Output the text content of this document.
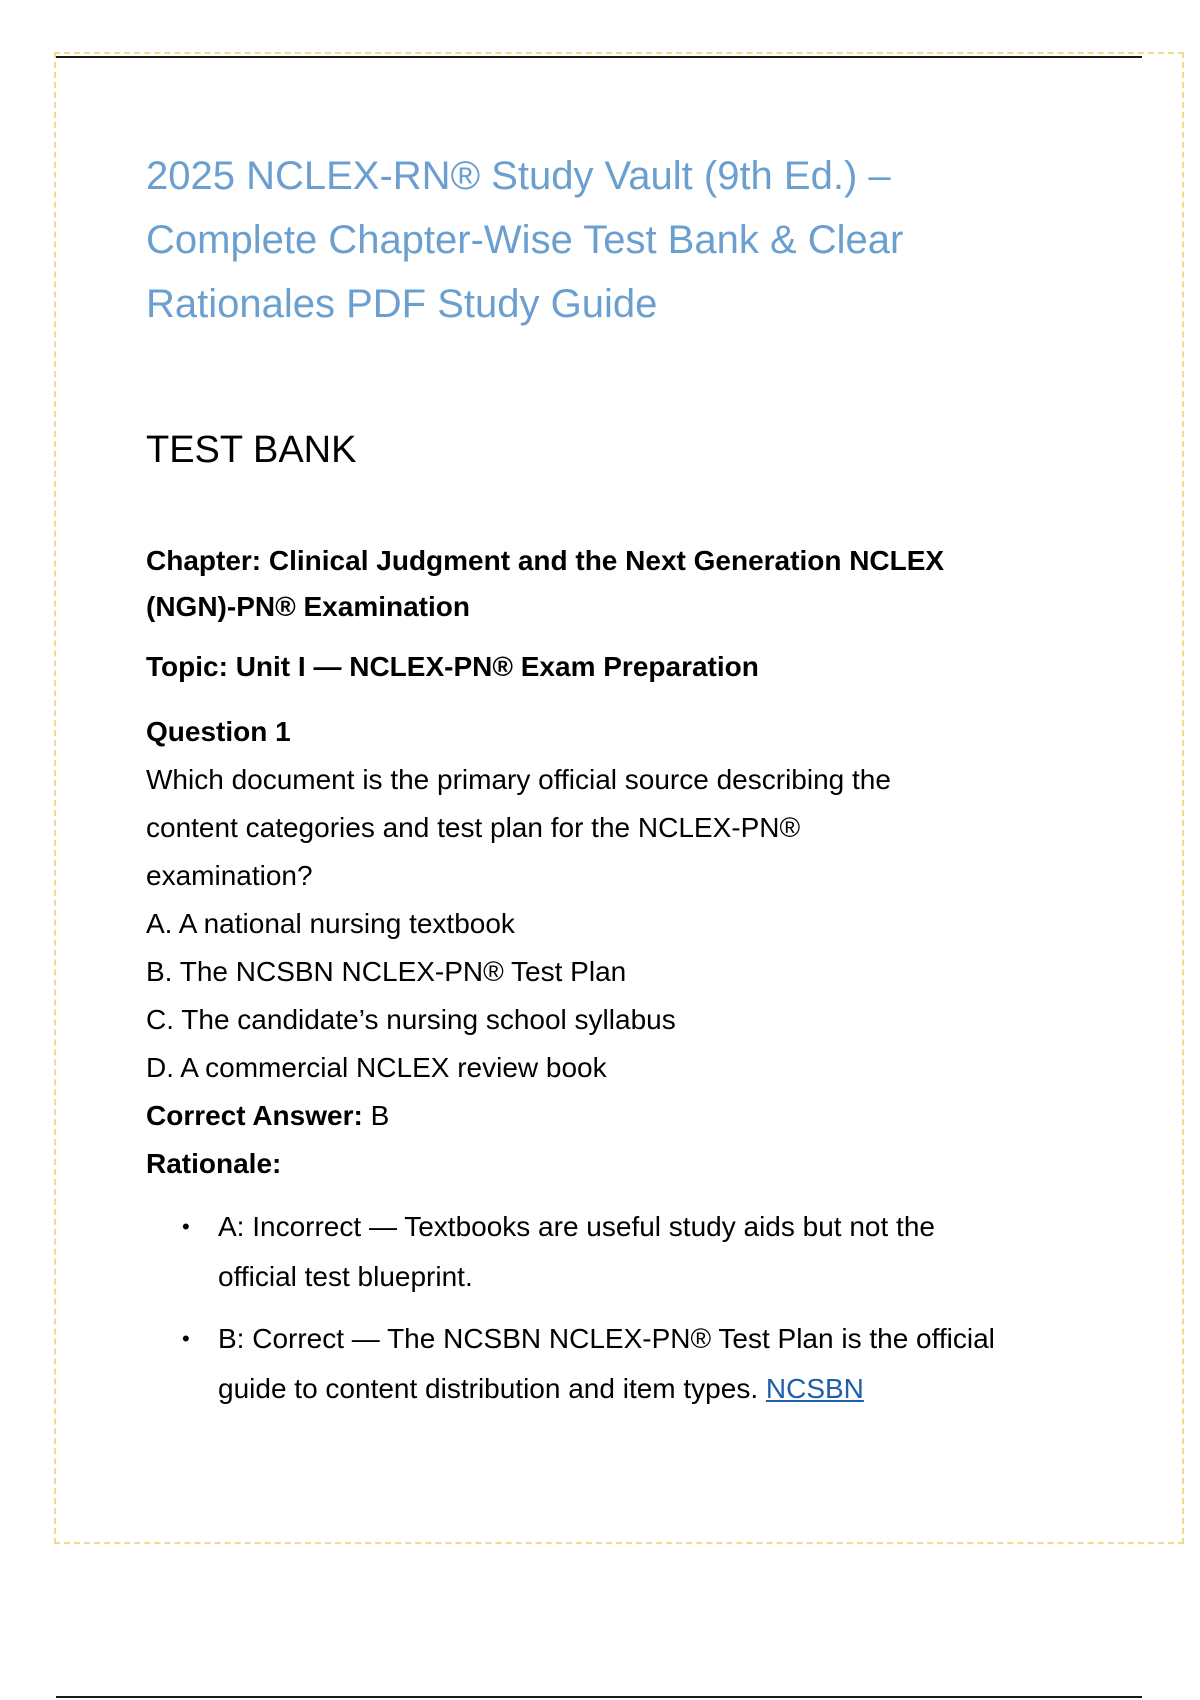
2025 NCLEX-RN® Study Vault (9th Ed.) –
Complete Chapter-Wise Test Bank & Clear
Rationales PDF Study Guide
TEST BANK

Chapter: Clinical Judgment and the Next Generation NCLEX
(NGN)-PN® Examination

Topic: Unit I — NCLEX-PN® Exam Preparation

Question 1
Which document is the primary official source describing the
content categories and test plan for the NCLEX-PN®
examination?
A. A national nursing textbook
B. The NCSBN NCLEX-PN® Test Plan
C. The candidate’s nursing school syllabus
D. A commercial NCLEX review book
Correct Answer: B
Rationale:
• A: Incorrect — Textbooks are useful study aids but not the
official test blueprint.
• B: Correct — The NCSBN NCLEX-PN® Test Plan is the official
guide to content distribution and item types. NCSBN
